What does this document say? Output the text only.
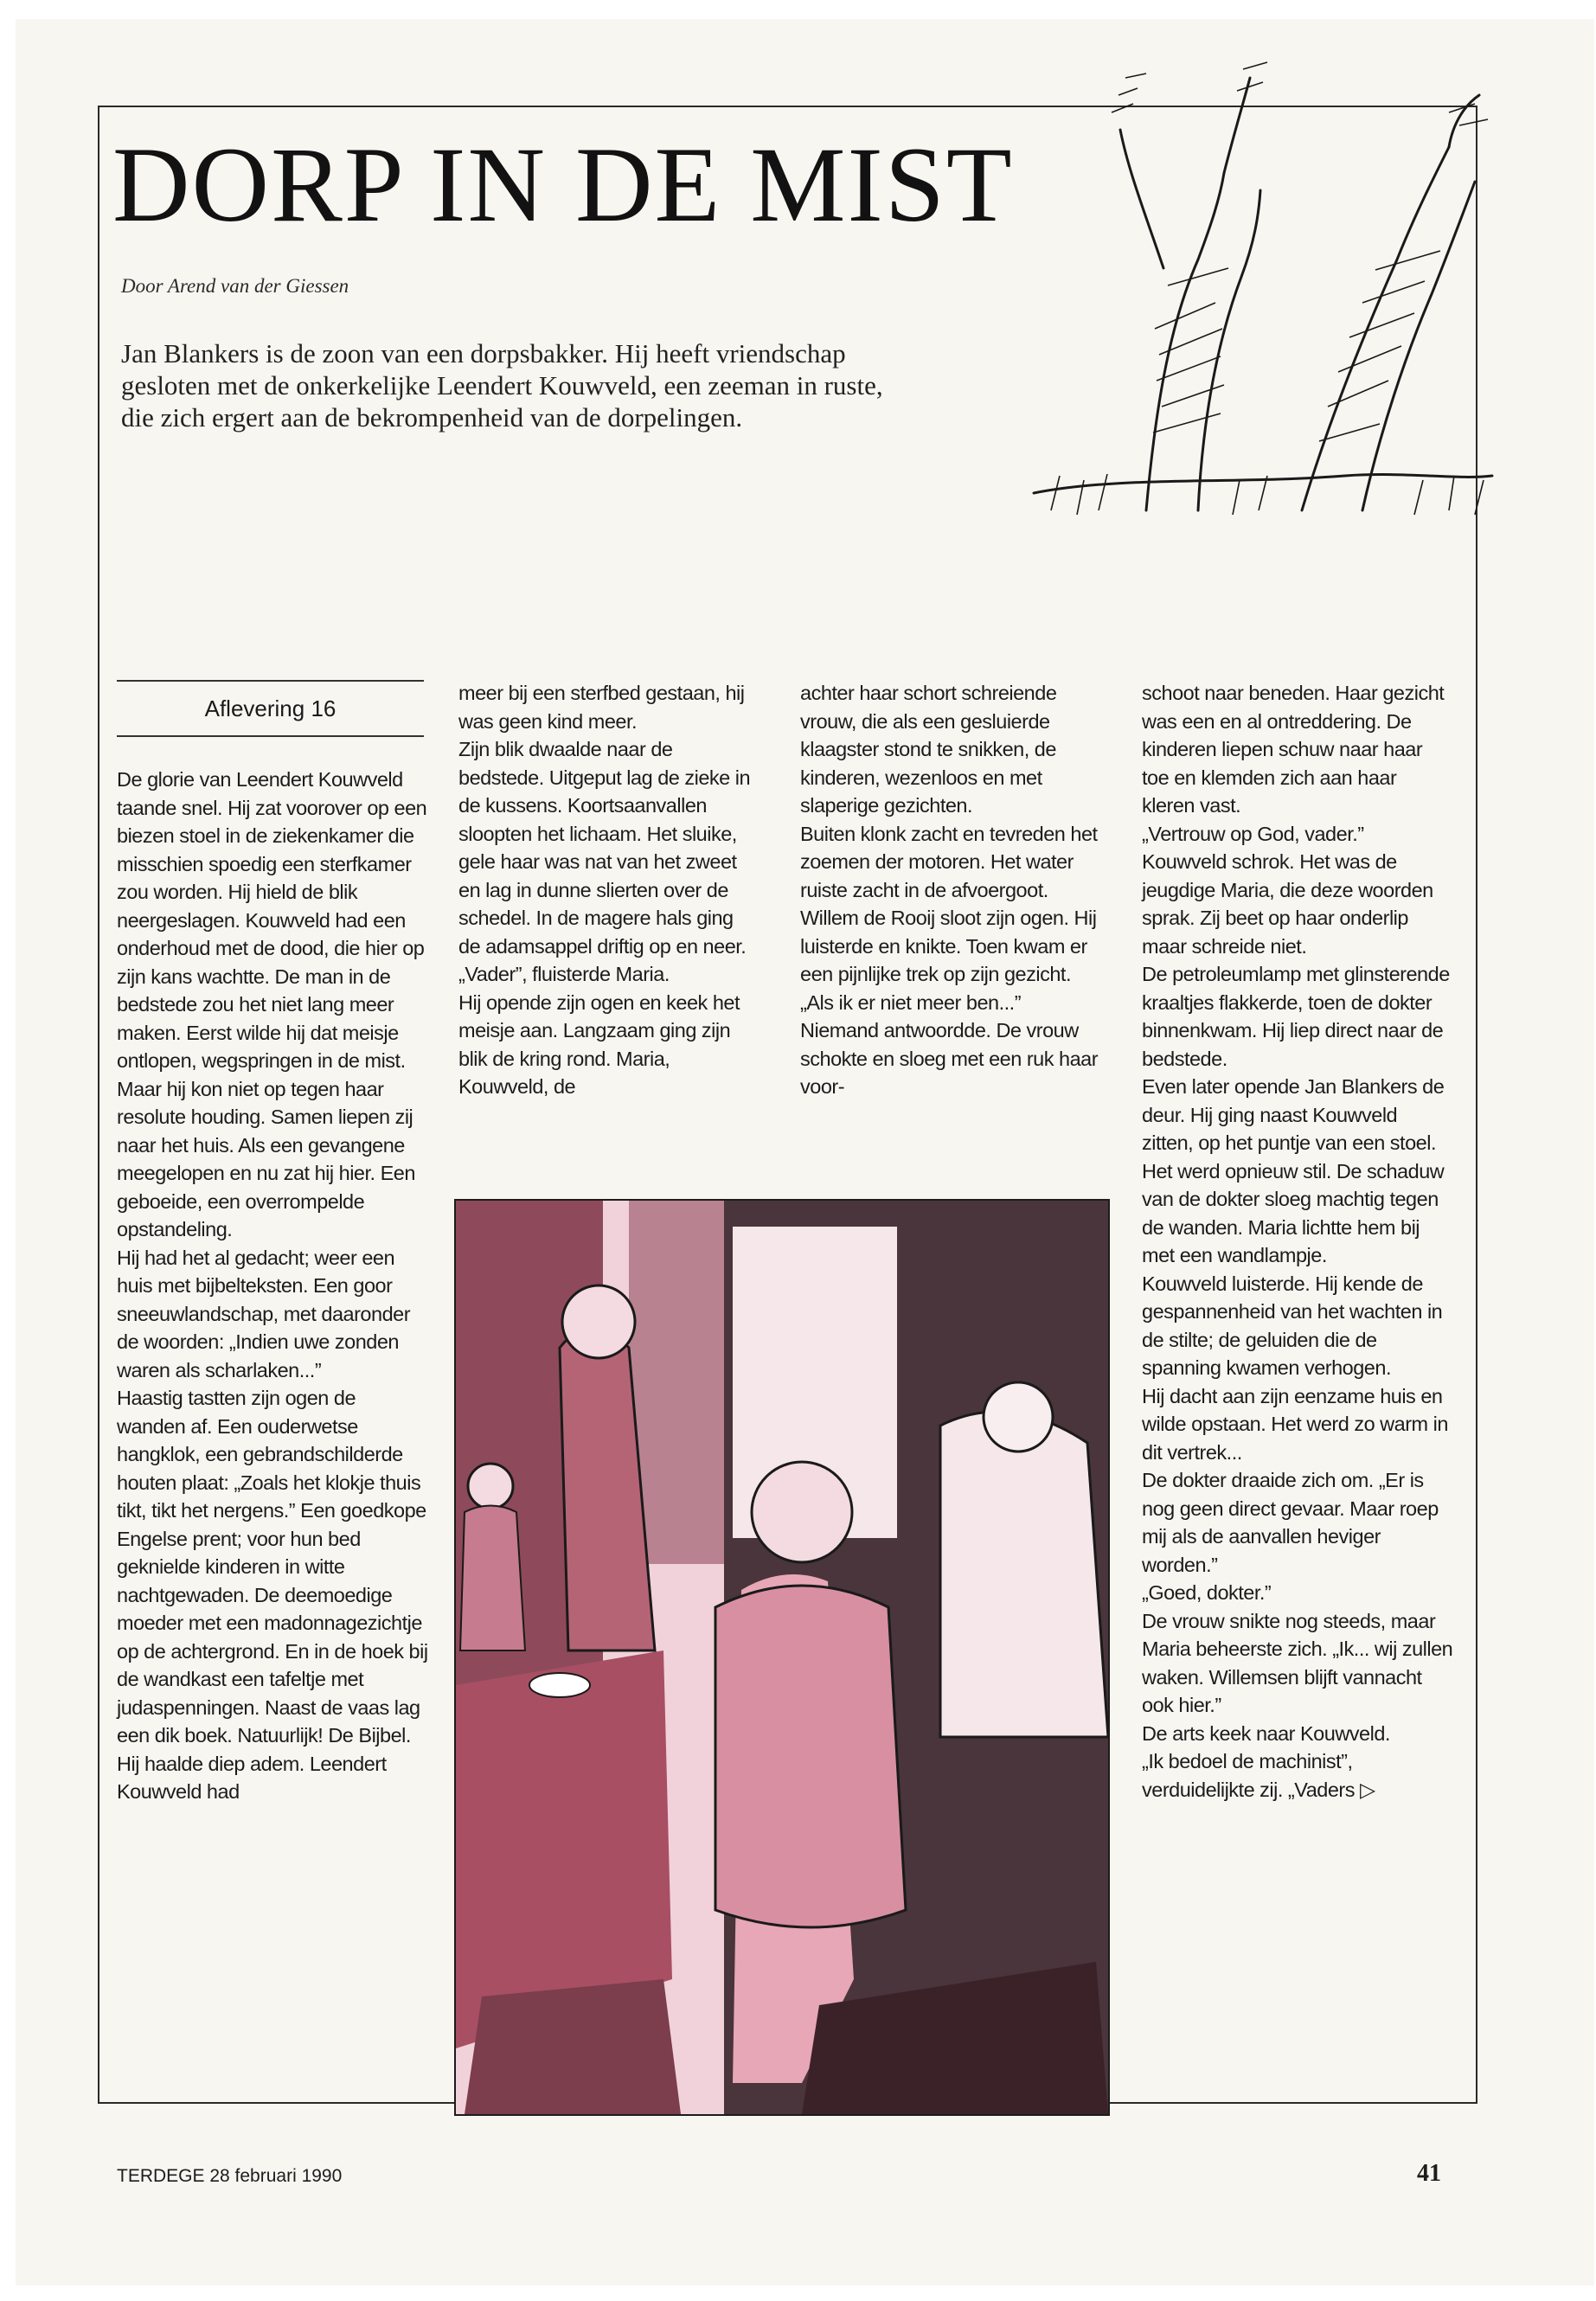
DORP IN DE MIST
Door Arend van der Giessen
Jan Blankers is de zoon van een dorpsbakker. Hij heeft vriendschap gesloten met de onkerkelijke Leendert Kouwveld, een zeeman in ruste, die zich ergert aan de bekrompenheid van de dorpelingen.
Aflevering 16

De glorie van Leendert Kouwveld taande snel. Hij zat voorover op een biezen stoel in de ziekenkamer die misschien spoedig een sterfkamer zou worden. Hij hield de blik neergeslagen. Kouwveld had een onderhoud met de dood, die hier op zijn kans wachtte. De man in de bedstede zou het niet lang meer maken. Eerst wilde hij dat meisje ontlopen, wegspringen in de mist. Maar hij kon niet op tegen haar resolute houding. Samen liepen zij naar het huis. Als een gevangene meegelopen en nu zat hij hier. Een geboeide, een overrompelde opstandeling.

Hij had het al gedacht; weer een huis met bijbelteksten. Een goor sneeuwlandschap, met daaronder de woorden: „Indien uwe zonden waren als scharlaken...”

Haastig tastten zijn ogen de wanden af. Een ouderwetse hangklok, een gebrandschilderde houten plaat: „Zoals het klokje thuis tikt, tikt het nergens.” Een goedkope Engelse prent; voor hun bed geknielde kinderen in witte nachtgewaden. De deemoedige moeder met een madonnagezichtje op de achtergrond. En in de hoek bij de wandkast een tafeltje met judaspenningen. Naast de vaas lag een dik boek. Natuurlijk! De Bijbel.

Hij haalde diep adem. Leendert Kouwveld had

meer bij een sterfbed gestaan, hij was geen kind meer.

Zijn blik dwaalde naar de bedstede. Uitgeput lag de zieke in de kussens. Koortsaanvallen sloopten het lichaam. Het sluike, gele haar was nat van het zweet en lag in dunne slierten over de schedel. In de magere hals ging de adamsappel driftig op en neer.

„Vader”, fluisterde Maria.

Hij opende zijn ogen en keek het meisje aan. Langzaam ging zijn blik de kring rond. Maria, Kouwveld, de

achter haar schort schreiende vrouw, die als een gesluierde klaagster stond te snikken, de kinderen, wezenloos en met slaperige gezichten.

Buiten klonk zacht en tevreden het zoemen der motoren. Het water ruiste zacht in de afvoergoot.

Willem de Rooij sloot zijn ogen. Hij luisterde en knikte. Toen kwam er een pijnlijke trek op zijn gezicht.

„Als ik er niet meer ben...”

Niemand antwoordde. De vrouw schokte en sloeg met een ruk haar voor-

schoot naar beneden. Haar gezicht was een en al ontreddering. De kinderen liepen schuw naar haar toe en klemden zich aan haar kleren vast.

„Vertrouw op God, vader.”

Kouwveld schrok. Het was de jeugdige Maria, die deze woorden sprak. Zij beet op haar onderlip maar schreide niet.

De petroleumlamp met glinsterende kraaltjes flakkerde, toen de dokter binnenkwam. Hij liep direct naar de bedstede.

Even later opende Jan Blankers de deur. Hij ging naast Kouwveld zitten, op het puntje van een stoel. Het werd opnieuw stil. De schaduw van de dokter sloeg machtig tegen de wanden. Maria lichtte hem bij met een wandlampje.

Kouwveld luisterde. Hij kende de gespannenheid van het wachten in de stilte; de geluiden die de spanning kwamen verhogen.

Hij dacht aan zijn eenzame huis en wilde opstaan. Het werd zo warm in dit vertrek...

De dokter draaide zich om. „Er is nog geen direct gevaar. Maar roep mij als de aanvallen heviger worden.”

„Goed, dokter.”

De vrouw snikte nog steeds, maar Maria beheerste zich. „Ik... wij zullen waken. Willemsen blijft vannacht ook hier.”

De arts keek naar Kouwveld.

„Ik bedoel de machinist”, verduidelijkte zij. „Vaders ▷

TERDEGE 28 februari 1990	41
